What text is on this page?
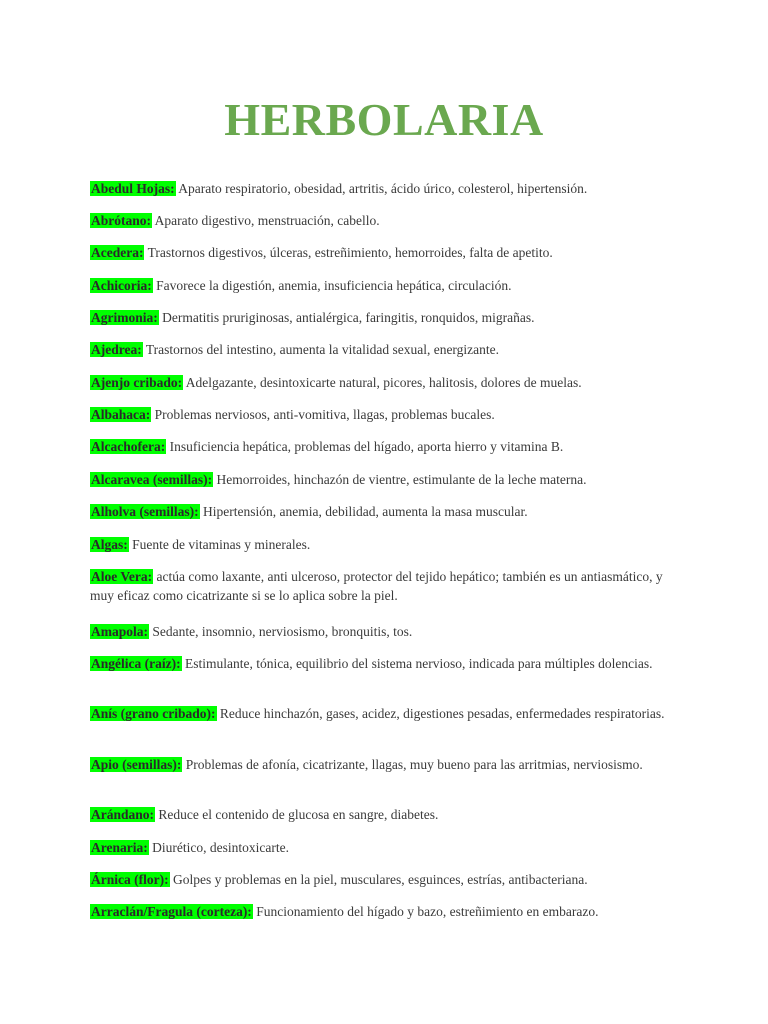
HERBOLARIA
Abedul Hojas: Aparato respiratorio, obesidad, artritis, ácido úrico, colesterol, hipertensión.
Abrótano: Aparato digestivo, menstruación, cabello.
Acedera: Trastornos digestivos, úlceras, estreñimiento, hemorroides, falta de apetito.
Achicoria: Favorece la digestión, anemia, insuficiencia hepática, circulación.
Agrimonia: Dermatitis pruriginosas, antialérgica, faringitis, ronquidos, migrañas.
Ajedrea: Trastornos del intestino, aumenta la vitalidad sexual, energizante.
Ajenjo cribado: Adelgazante, desintoxicarte natural, picores, halitosis, dolores de muelas.
Albahaca: Problemas nerviosos, anti-vomitiva, llagas, problemas bucales.
Alcachofera: Insuficiencia hepática, problemas del hígado, aporta hierro y vitamina B.
Alcaravea (semillas): Hemorroides, hinchazón de vientre, estimulante de la leche materna.
Alholva (semillas): Hipertensión, anemia, debilidad, aumenta la masa muscular.
Algas: Fuente de vitaminas y minerales.
Aloe Vera: actúa como laxante, anti ulceroso, protector del tejido hepático; también es un antiasmático, y muy eficaz como cicatrizante si se lo aplica sobre la piel.
Amapola: Sedante, insomnio, nerviosismo, bronquitis, tos.
Angélica (raíz): Estimulante, tónica, equilibrio del sistema nervioso, indicada para múltiples dolencias.
Anís (grano cribado): Reduce hinchazón, gases, acidez, digestiones pesadas, enfermedades respiratorias.
Apio (semillas): Problemas de afonía, cicatrizante, llagas, muy bueno para las arritmias, nerviosismo.
Arándano: Reduce el contenido de glucosa en sangre, diabetes.
Arenaria: Diurético, desintoxicarte.
Árnica (flor): Golpes y problemas en la piel, musculares, esguinces, estrías, antibacteriana.
Arraclán/Fragula (corteza): Funcionamiento del hígado y bazo, estreñimiento en embarazo.
